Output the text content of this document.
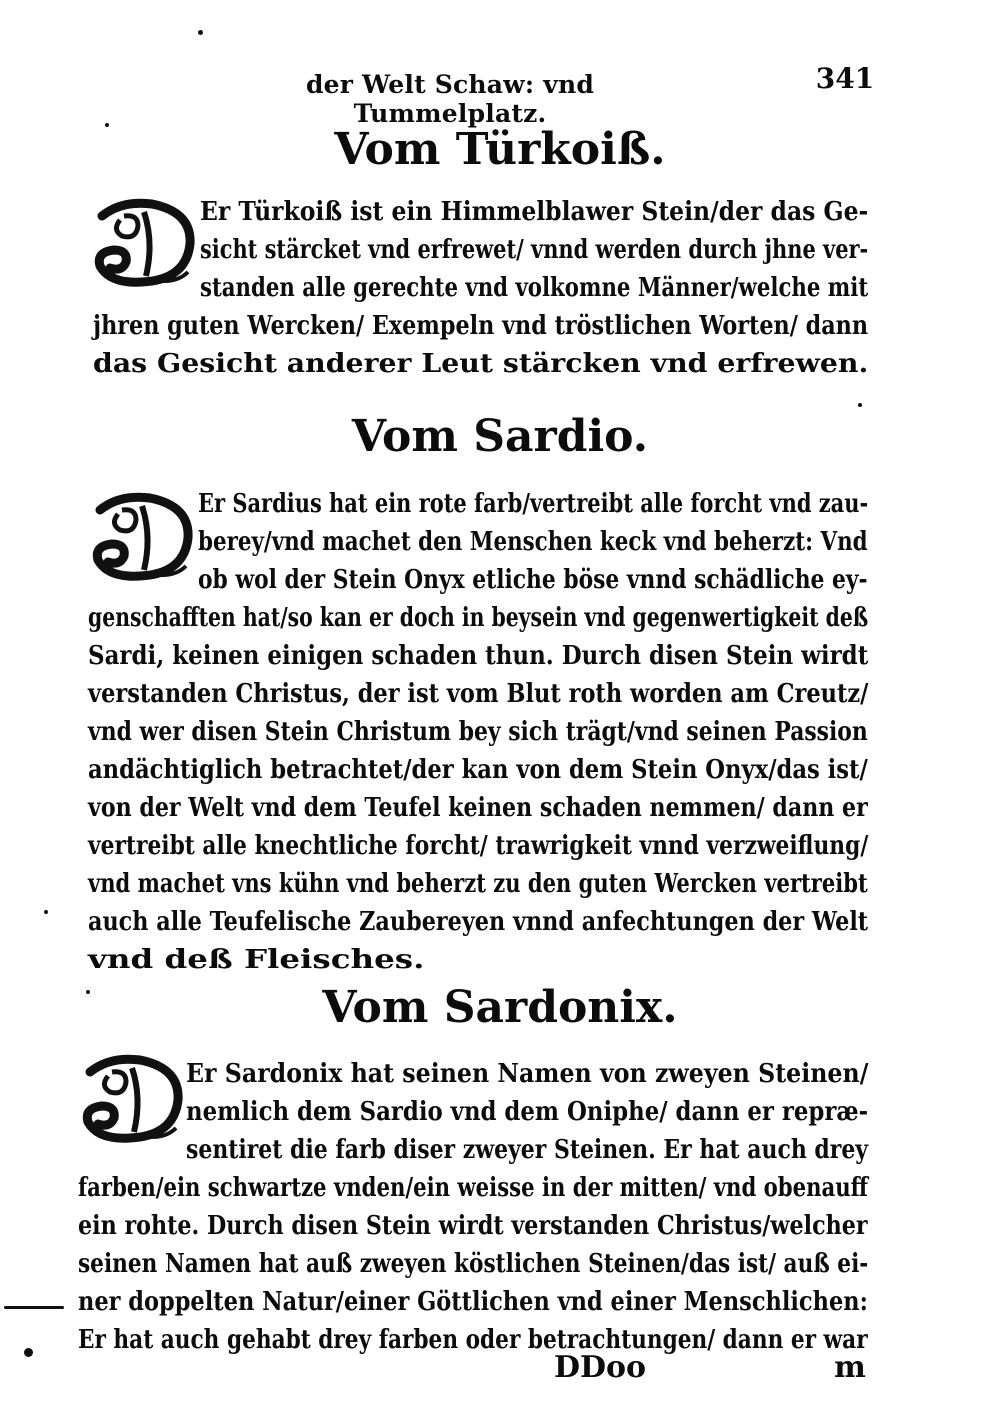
der Welt Schaw: vnd Tummelplatz.
341
Vom Türkoiß.
Er Türkoiß ist ein Himmelblawer Stein/der das Ge-
sicht stärcket vnd erfrewet/ vnnd werden durch jhne ver-
standen alle gerechte vnd volkomne Männer/welche mit
jhren guten Wercken/ Exempeln vnd tröstlichen Worten/ dann
das Gesicht anderer Leut stärcken vnd erfrewen.
Vom Sardio.
Er Sardius hat ein rote farb/vertreibt alle forcht vnd zau-
berey/vnd machet den Menschen keck vnd beherzt: Vnd
ob wol der Stein Onyx etliche böse vnnd schädliche ey-
genschafften hat/so kan er doch in beysein vnd gegenwertigkeit deß
Sardi, keinen einigen schaden thun. Durch disen Stein wirdt
verstanden Christus, der ist vom Blut roth worden am Creutz/
vnd wer disen Stein Christum bey sich trägt/vnd seinen Passion
andächtiglich betrachtet/der kan von dem Stein Onyx/das ist/
von der Welt vnd dem Teufel keinen schaden nemmen/ dann er
vertreibt alle knechtliche forcht/ trawrigkeit vnnd verzweiflung/
vnd machet vns kühn vnd beherzt zu den guten Wercken vertreibt
auch alle Teufelische Zaubereyen vnnd anfechtungen der Welt
vnd deß Fleisches.
Vom Sardonix.
Er Sardonix hat seinen Namen von zweyen Steinen/
nemlich dem Sardio vnd dem Oniphe/ dann er repræ-
sentiret die farb diser zweyer Steinen. Er hat auch drey
farben/ein schwartze vnden/ein weisse in der mitten/ vnd obenauff
ein rohte. Durch disen Stein wirdt verstanden Christus/welcher
seinen Namen hat auß zweyen köstlichen Steinen/das ist/ auß ei-
ner doppelten Natur/einer Göttlichen vnd einer Menschlichen:
Er hat auch gehabt drey farben oder betrachtungen/ dann er war
DDoo	m
